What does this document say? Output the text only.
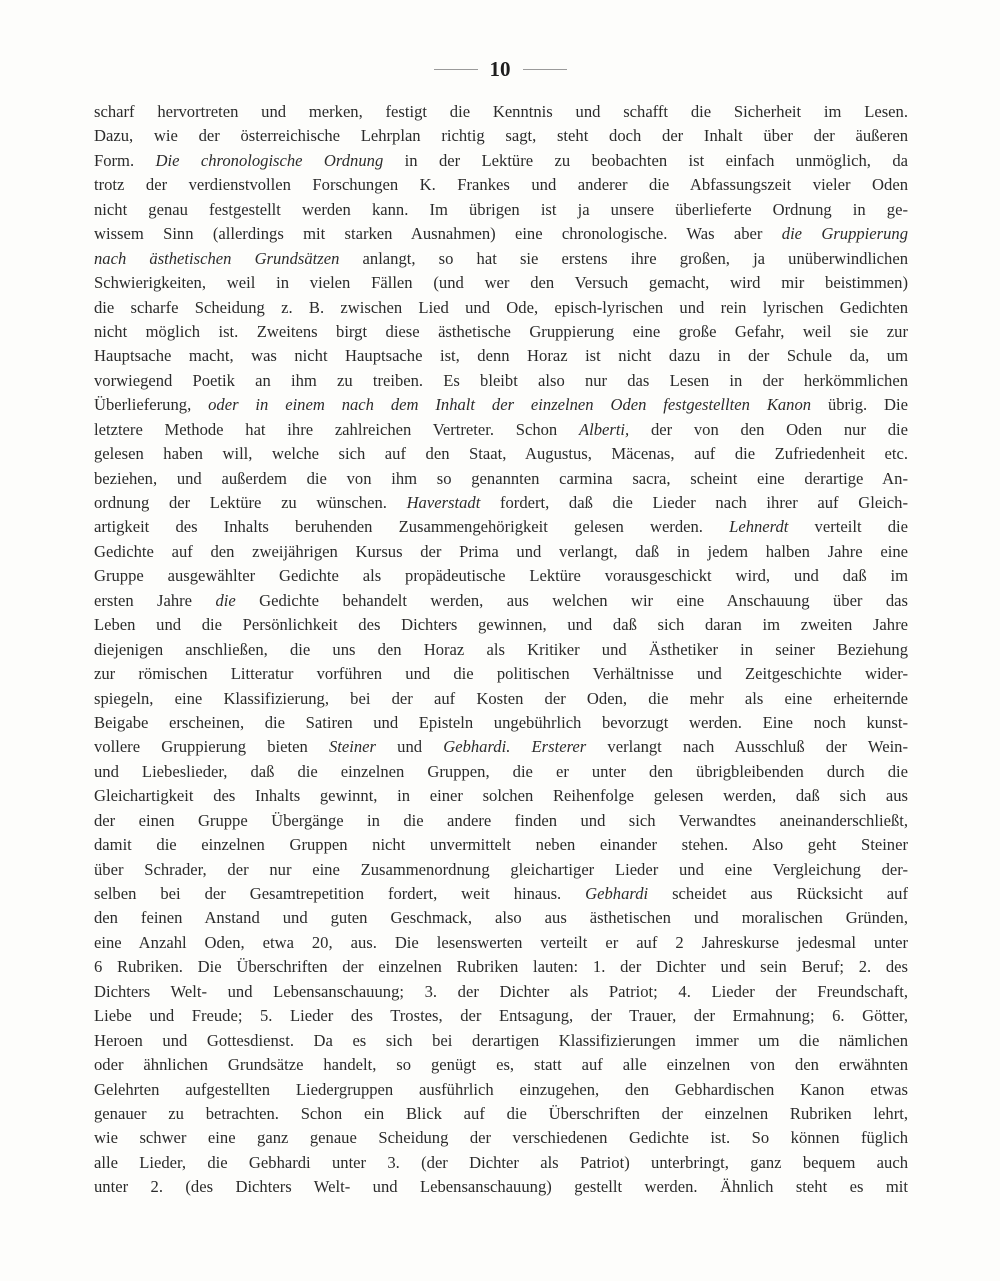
10
scharf hervortreten und merken, festigt die Kenntnis und schafft die Sicherheit im Lesen.
Dazu, wie der österreichische Lehrplan richtig sagt, steht doch der Inhalt über der äußeren
Form. Die chronologische Ordnung in der Lektüre zu beobachten ist einfach unmöglich, da
trotz der verdienstvollen Forschungen K. Frankes und anderer die Abfassungszeit vieler Oden
nicht genau festgestellt werden kann. Im übrigen ist ja unsere überlieferte Ordnung in ge-
wissem Sinn (allerdings mit starken Ausnahmen) eine chronologische. Was aber die Gruppierung
nach ästhetischen Grundsätzen anlangt, so hat sie erstens ihre großen, ja unüberwindlichen
Schwierigkeiten, weil in vielen Fällen (und wer den Versuch gemacht, wird mir beistimmen)
die scharfe Scheidung z. B. zwischen Lied und Ode, episch-lyrischen und rein lyrischen Gedichten
nicht möglich ist. Zweitens birgt diese ästhetische Gruppierung eine große Gefahr, weil sie zur
Hauptsache macht, was nicht Hauptsache ist, denn Horaz ist nicht dazu in der Schule da, um
vorwiegend Poetik an ihm zu treiben. Es bleibt also nur das Lesen in der herkömmlichen
Überlieferung, oder in einem nach dem Inhalt der einzelnen Oden festgestellten Kanon übrig. Die
letztere Methode hat ihre zahlreichen Vertreter. Schon Alberti, der von den Oden nur die
gelesen haben will, welche sich auf den Staat, Augustus, Mäcenas, auf die Zufriedenheit etc.
beziehen, und außerdem die von ihm so genannten carmina sacra, scheint eine derartige An-
ordnung der Lektüre zu wünschen. Haverstadt fordert, daß die Lieder nach ihrer auf Gleich-
artigkeit des Inhalts beruhenden Zusammengehörigkeit gelesen werden. Lehnerdt verteilt die
Gedichte auf den zweijährigen Kursus der Prima und verlangt, daß in jedem halben Jahre eine
Gruppe ausgewählter Gedichte als propädeutische Lektüre vorausgeschickt wird, und daß im
ersten Jahre die Gedichte behandelt werden, aus welchen wir eine Anschauung über das
Leben und die Persönlichkeit des Dichters gewinnen, und daß sich daran im zweiten Jahre
diejenigen anschließen, die uns den Horaz als Kritiker und Ästhetiker in seiner Beziehung
zur römischen Litteratur vorführen und die politischen Verhältnisse und Zeitgeschichte wider-
spiegeln, eine Klassifizierung, bei der auf Kosten der Oden, die mehr als eine erheiternde
Beigabe erscheinen, die Satiren und Episteln ungebührlich bevorzugt werden. Eine noch kunst-
vollere Gruppierung bieten Steiner und Gebhardi. Ersterer verlangt nach Ausschluß der Wein-
und Liebeslieder, daß die einzelnen Gruppen, die er unter den übrigbleibenden durch die
Gleichartigkeit des Inhalts gewinnt, in einer solchen Reihenfolge gelesen werden, daß sich aus
der einen Gruppe Übergänge in die andere finden und sich Verwandtes aneinanderschließt,
damit die einzelnen Gruppen nicht unvermittelt neben einander stehen. Also geht Steiner
über Schrader, der nur eine Zusammenordnung gleichartiger Lieder und eine Vergleichung der-
selben bei der Gesamtrepetition fordert, weit hinaus. Gebhardi scheidet aus Rücksicht auf
den feinen Anstand und guten Geschmack, also aus ästhetischen und moralischen Gründen,
eine Anzahl Oden, etwa 20, aus. Die lesenswerten verteilt er auf 2 Jahreskurse jedesmal unter
6 Rubriken. Die Überschriften der einzelnen Rubriken lauten: 1. der Dichter und sein Beruf; 2. des
Dichters Welt- und Lebensanschauung; 3. der Dichter als Patriot; 4. Lieder der Freundschaft,
Liebe und Freude; 5. Lieder des Trostes, der Entsagung, der Trauer, der Ermahnung; 6. Götter,
Heroen und Gottesdienst. Da es sich bei derartigen Klassifizierungen immer um die nämlichen
oder ähnlichen Grundsätze handelt, so genügt es, statt auf alle einzelnen von den erwähnten
Gelehrten aufgestellten Liedergruppen ausführlich einzugehen, den Gebhardischen Kanon etwas
genauer zu betrachten. Schon ein Blick auf die Überschriften der einzelnen Rubriken lehrt,
wie schwer eine ganz genaue Scheidung der verschiedenen Gedichte ist. So können füglich
alle Lieder, die Gebhardi unter 3. (der Dichter als Patriot) unterbringt, ganz bequem auch
unter 2. (des Dichters Welt- und Lebensanschauung) gestellt werden. Ähnlich steht es mit
